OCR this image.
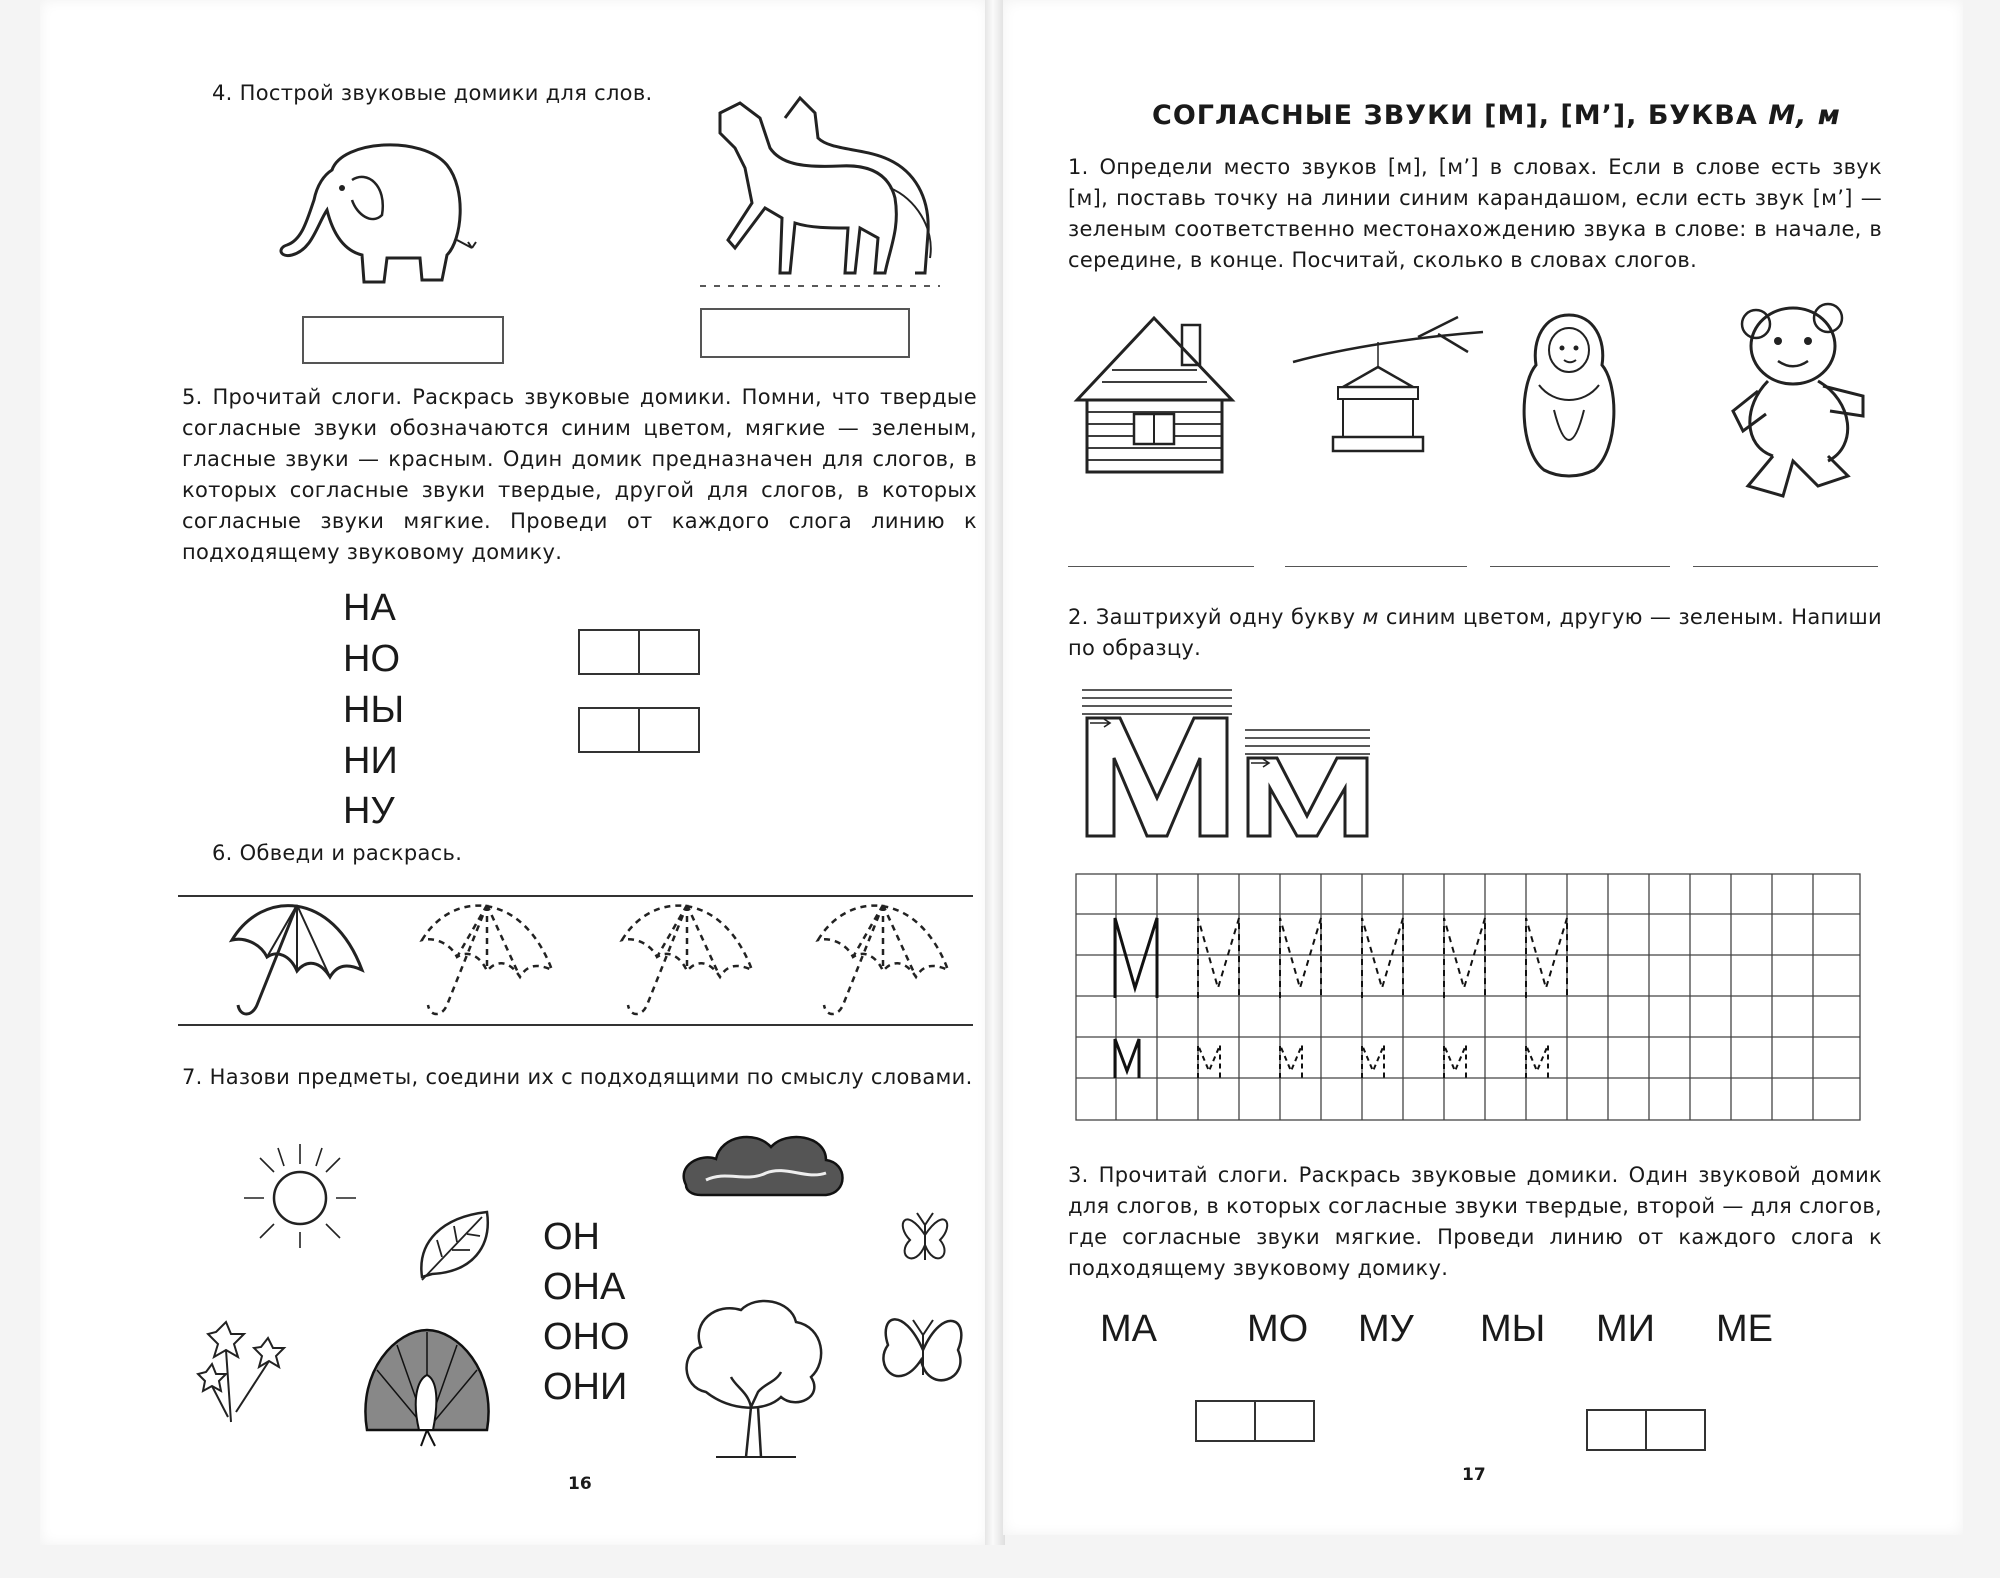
4. Построй звуковые домики для слов.
5. Прочитай слоги. Раскрась звуковые домики. Помни, что твердые согласные звуки обозначаются синим цветом, мягкие — зеленым, гласные звуки — красным. Один домик предназначен для слогов, в которых согласные звуки твердые, другой для слогов, в которых согласные звуки мягкие. Проведи от каждого слога линию к подходящему звуковому домику.
НА
НО
НЫ
НИ
НУ
6. Обведи и раскрась.
7. Назови предметы, соедини их с подходящими по смыслу словами.
ОН
ОНА
ОНО
ОНИ
16
СОГЛАСНЫЕ ЗВУКИ [М], [М’], БУКВА М, м
1. Определи место звуков [м], [м’] в словах. Если в слове есть звук [м], поставь точку на линии синим карандашом, если есть звук [м’] — зеленым соответственно местонахождению звука в слове: в начале, в середине, в конце. Посчитай, сколько в словах слогов.
2. Заштрихуй одну букву м синим цветом, другую — зеленым. Напиши по образцу.
3. Прочитай слоги. Раскрась звуковые домики. Один звуковой домик для слогов, в которых согласные звуки твердые, второй — для слогов, где согласные звуки мягкие. Проведи линию от каждого слога к подходящему звуковому домику.
МА МО МУ МЫ МИ МЕ
17
